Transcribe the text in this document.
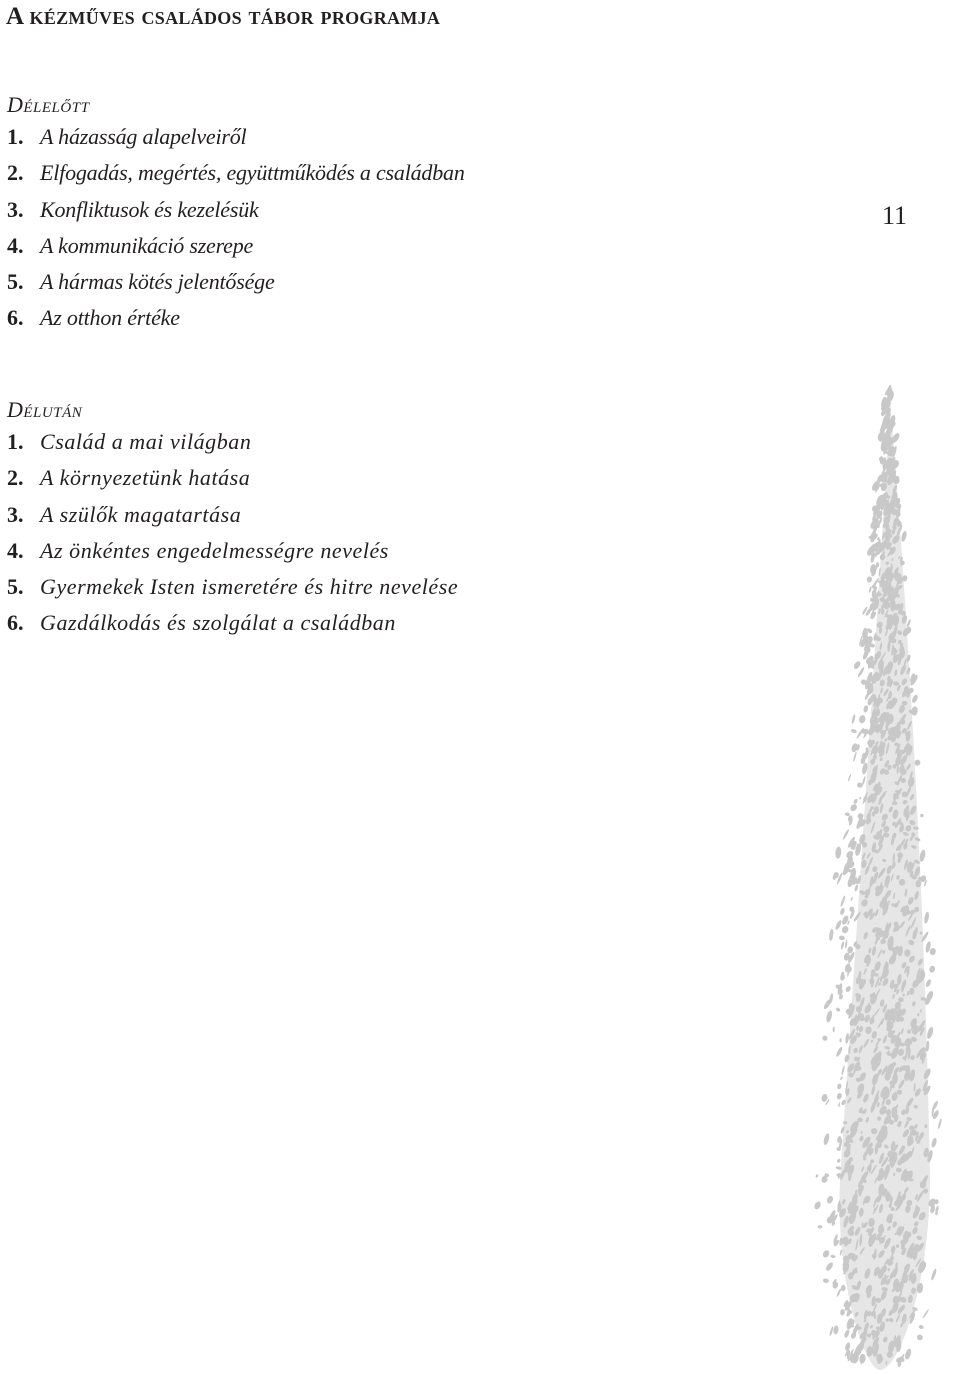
A kézműves családos tábor programja
Délelőtt
1. A házasság alapelveiről
2. Elfogadás, megértés, együttműködés a családban
3. Konfliktusok és kezelésük
4. A kommunikáció szerepe
5. A hármas kötés jelentősége
6. Az otthon értéke
Délután
1. Család a mai világban
2. A környezetünk hatása
3. A szülők magatartása
4. Az önkéntes engedelmességre nevelés
5. Gyermekek Isten ismeretére és hitre nevelése
6. Gazdálkodás és szolgálat a családban
11
